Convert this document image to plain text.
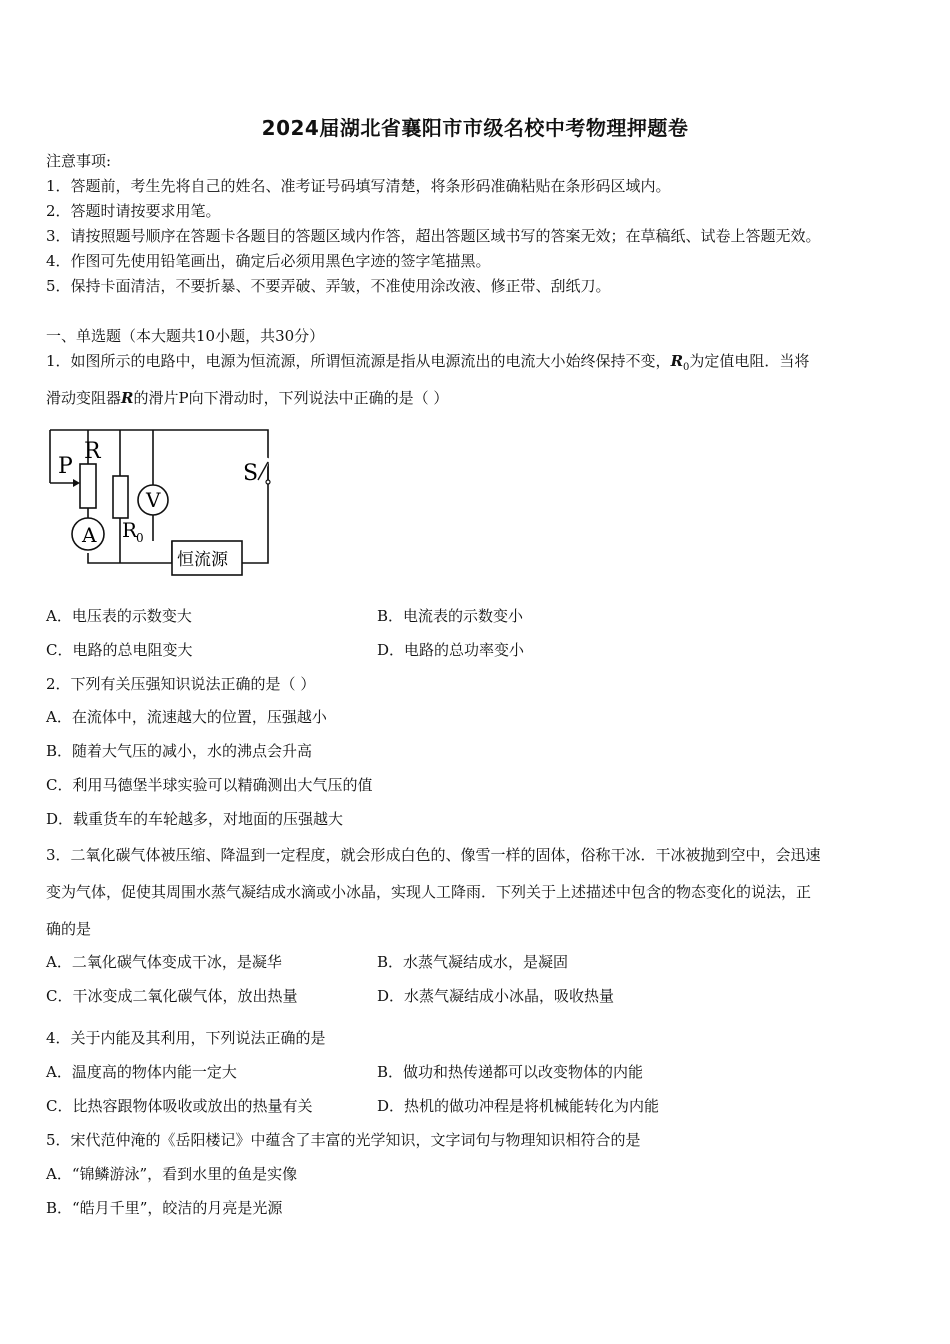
2024届湖北省襄阳市市级名校中考物理押题卷
注意事项:
1．答题前，考生先将自己的姓名、准考证号码填写清楚，将条形码准确粘贴在条形码区域内。
2．答题时请按要求用笔。
3．请按照题号顺序在答题卡各题目的答题区域内作答，超出答题区域书写的答案无效；在草稿纸、试卷上答题无效。
4．作图可先使用铅笔画出，确定后必须用黑色字迹的签字笔描黑。
5．保持卡面清洁，不要折暴、不要弄破、弄皱，不准使用涂改液、修正带、刮纸刀。
一、单选题（本大题共10小题，共30分）
1．如图所示的电路中，电源为恒流源，所谓恒流源是指从电源流出的电流大小始终保持不变，$R_0$为定值电阻．当将
滑动变阻器R的滑片P向下滑动时，下列说法中正确的是（ ）
P
R
A
V
S
R
0
恒流源
A．电压表的示数变大	B．电流表的示数变小
C．电路的总电阻变大	D．电路的总功率变小
2．下列有关压强知识说法正确的是（ ）
A．在流体中，流速越大的位置，压强越小
B．随着大气压的减小，水的沸点会升高
C．利用马德堡半球实验可以精确测出大气压的值
D．载重货车的车轮越多，对地面的压强越大
3．二氧化碳气体被压缩、降温到一定程度，就会形成白色的、像雪一样的固体，俗称干冰．干冰被抛到空中，会迅速
变为气体，促使其周围水蒸气凝结成水滴或小冰晶，实现人工降雨．下列关于上述描述中包含的物态变化的说法，正
确的是
A．二氧化碳气体变成干冰，是凝华	B．水蒸气凝结成水，是凝固
C．干冰变成二氧化碳气体，放出热量	D．水蒸气凝结成小冰晶，吸收热量
4．关于内能及其利用，下列说法正确的是
A．温度高的物体内能一定大	B．做功和热传递都可以改变物体的内能
C．比热容跟物体吸收或放出的热量有关	D．热机的做功冲程是将机械能转化为内能
5．宋代范仲淹的《岳阳楼记》中蕴含了丰富的光学知识，文字词句与物理知识相符合的是
A．“锦鳞游泳”，看到水里的鱼是实像
B．“皓月千里”，皎洁的月亮是光源
